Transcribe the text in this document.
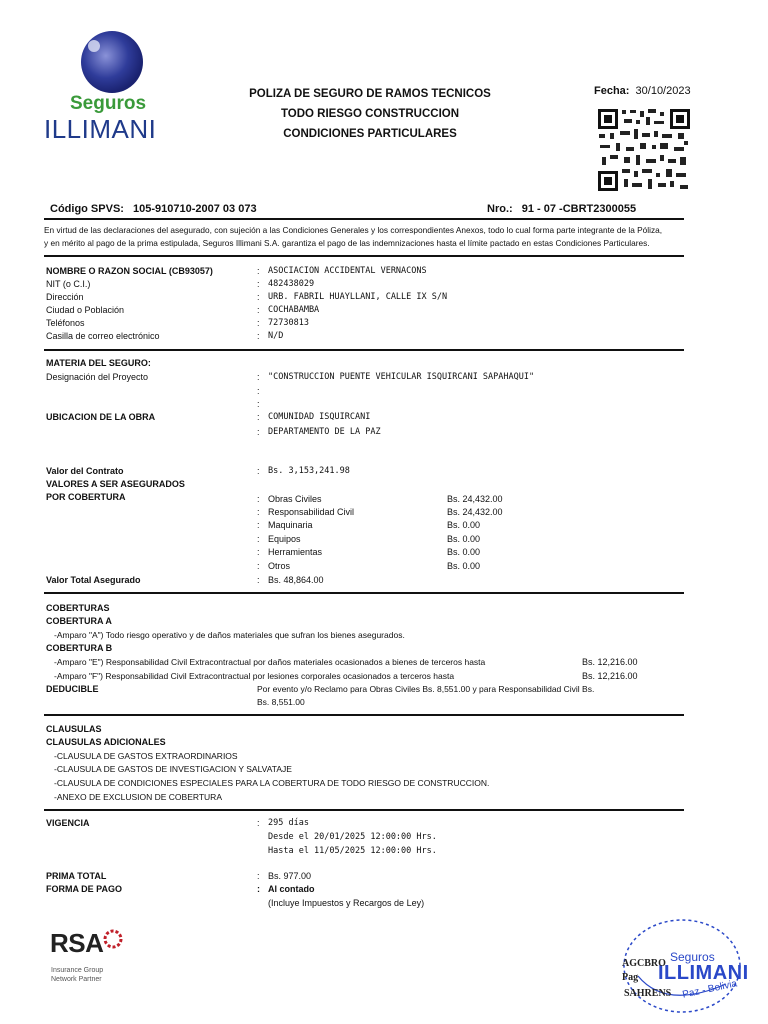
Seguros
ILLIMANI
POLIZA DE SEGURO DE RAMOS TECNICOS
TODO RIESGO CONSTRUCCION
CONDICIONES PARTICULARES
Fecha: 30/10/2023
Código SPVS: 105-910710-2007 03 073	Nro.: 91 - 07 -CBRT2300055
En virtud de las declaraciones del asegurado, con sujeción a las Condiciones Generales y los correspondientes Anexos, todo lo cual forma parte integrante de la Póliza,
y en mérito al pago de la prima estipulada, Seguros Illimani S.A. garantiza el pago de las indemnizaciones hasta el límite pactado en estas Condiciones Particulares.
NOMBRE O RAZON SOCIAL (CB93057)	: ASOCIACION ACCIDENTAL VERNACONS
NIT (o C.I.)	: 482438029
Dirección	: URB. FABRIL HUAYLLANI, CALLE IX S/N
Ciudad o Población	: COCHABAMBA
Teléfonos	: 72730813
Casilla de correo electrónico	: N/D
MATERIA DEL SEGURO:
Designación del Proyecto	: "CONSTRUCCION PUENTE VEHICULAR ISQUIRCANI SAPAHAQUI"
:
:
UBICACION DE LA OBRA	: COMUNIDAD ISQUIRCANI
: DEPARTAMENTO DE LA PAZ
Valor del Contrato	: Bs. 3,153,241.98
VALORES A SER ASEGURADOS
POR COBERTURA	: Obras Civiles	Bs. 24,432.00
: Responsabilidad Civil	Bs. 24,432.00
: Maquinaria	Bs. 0.00
: Equipos	Bs. 0.00
: Herramientas	Bs. 0.00
: Otros	Bs. 0.00
Valor Total Asegurado	: Bs. 48,864.00
COBERTURAS
COBERTURA A
-Amparo "A") Todo riesgo operativo y de daños materiales que sufran los bienes asegurados.
COBERTURA B
-Amparo "E") Responsabilidad Civil Extracontractual por daños materiales ocasionados a bienes de terceros hasta	Bs. 12,216.00
-Amparo "F") Responsabilidad Civil Extracontractual por lesiones corporales ocasionados a terceros hasta	Bs. 12,216.00
DEDUCIBLE	Por evento y/o Reclamo para Obras Civiles Bs. 8,551.00 y para Responsabilidad Civil Bs.
Bs. 8,551.00
CLAUSULAS
CLAUSULAS ADICIONALES
-CLAUSULA DE GASTOS EXTRAORDINARIOS
-CLAUSULA DE GASTOS DE INVESTIGACION Y SALVATAJE
-CLAUSULA DE CONDICIONES ESPECIALES PARA LA COBERTURA DE TODO RIESGO DE CONSTRUCCION.
-ANEXO DE EXCLUSION DE COBERTURA
VIGENCIA	: 295 días
Desde el 20/01/2025 12:00:00 Hrs.
Hasta el 11/05/2025 12:00:00 Hrs.
PRIMA TOTAL	: Bs. 977.00
FORMA DE PAGO	: Al contado
(Incluye Impuestos y Recargos de Ley)
RSA
Insurance Group
Network Partner
Seguros
ILLIMANI
Paz - Bolivia
AGCBRO
Pag
SAHRENS
